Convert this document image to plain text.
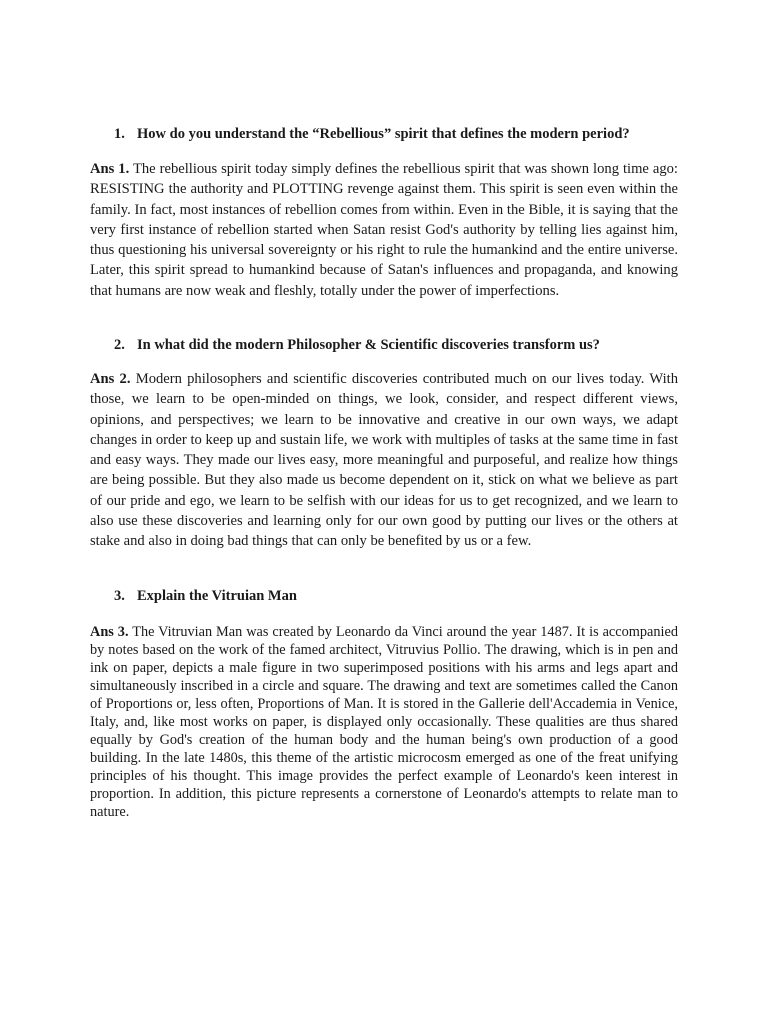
1. How do you understand the “Rebellious” spirit that defines the modern period?

Ans 1. The rebellious spirit today simply defines the rebellious spirit that was shown long time ago: RESISTING the authority and PLOTTING revenge against them. This spirit is seen even within the family. In fact, most instances of rebellion comes from within. Even in the Bible, it is saying that the very first instance of rebellion started when Satan resist God's authority by telling lies against him, thus questioning his universal sovereignty or his right to rule the humankind and the entire universe. Later, this spirit spread to humankind because of Satan's influences and propaganda, and knowing that humans are now weak and fleshly, totally under the power of imperfections.

2. In what did the modern Philosopher & Scientific discoveries transform us?

Ans 2. Modern philosophers and scientific discoveries contributed much on our lives today. With those, we learn to be open-minded on things, we look, consider, and respect different views, opinions, and perspectives; we learn to be innovative and creative in our own ways, we adapt changes in order to keep up and sustain life, we work with multiples of tasks at the same time in fast and easy ways. They made our lives easy, more meaningful and purposeful, and realize how things are being possible. But they also made us become dependent on it, stick on what we believe as part of our pride and ego, we learn to be selfish with our ideas for us to get recognized, and we learn to also use these discoveries and learning only for our own good by putting our lives or the others at stake and also in doing bad things that can only be benefited by us or a few.

3. Explain the Vitruian Man

Ans 3. The Vitruvian Man was created by Leonardo da Vinci around the year 1487. It is accompanied by notes based on the work of the famed architect, Vitruvius Pollio. The drawing, which is in pen and ink on paper, depicts a male figure in two superimposed positions with his arms and legs apart and simultaneously inscribed in a circle and square. The drawing and text are sometimes called the Canon of Proportions or, less often, Proportions of Man. It is stored in the Gallerie dell'Accademia in Venice, Italy, and, like most works on paper, is displayed only occasionally. These qualities are thus shared equally by God's creation of the human body and the human being's own production of a good building. In the late 1480s, this theme of the artistic microcosm emerged as one of the freat unifying principles of his thought. This image provides the perfect example of Leonardo's keen interest in proportion. In addition, this picture represents a cornerstone of Leonardo's attempts to relate man to nature.
